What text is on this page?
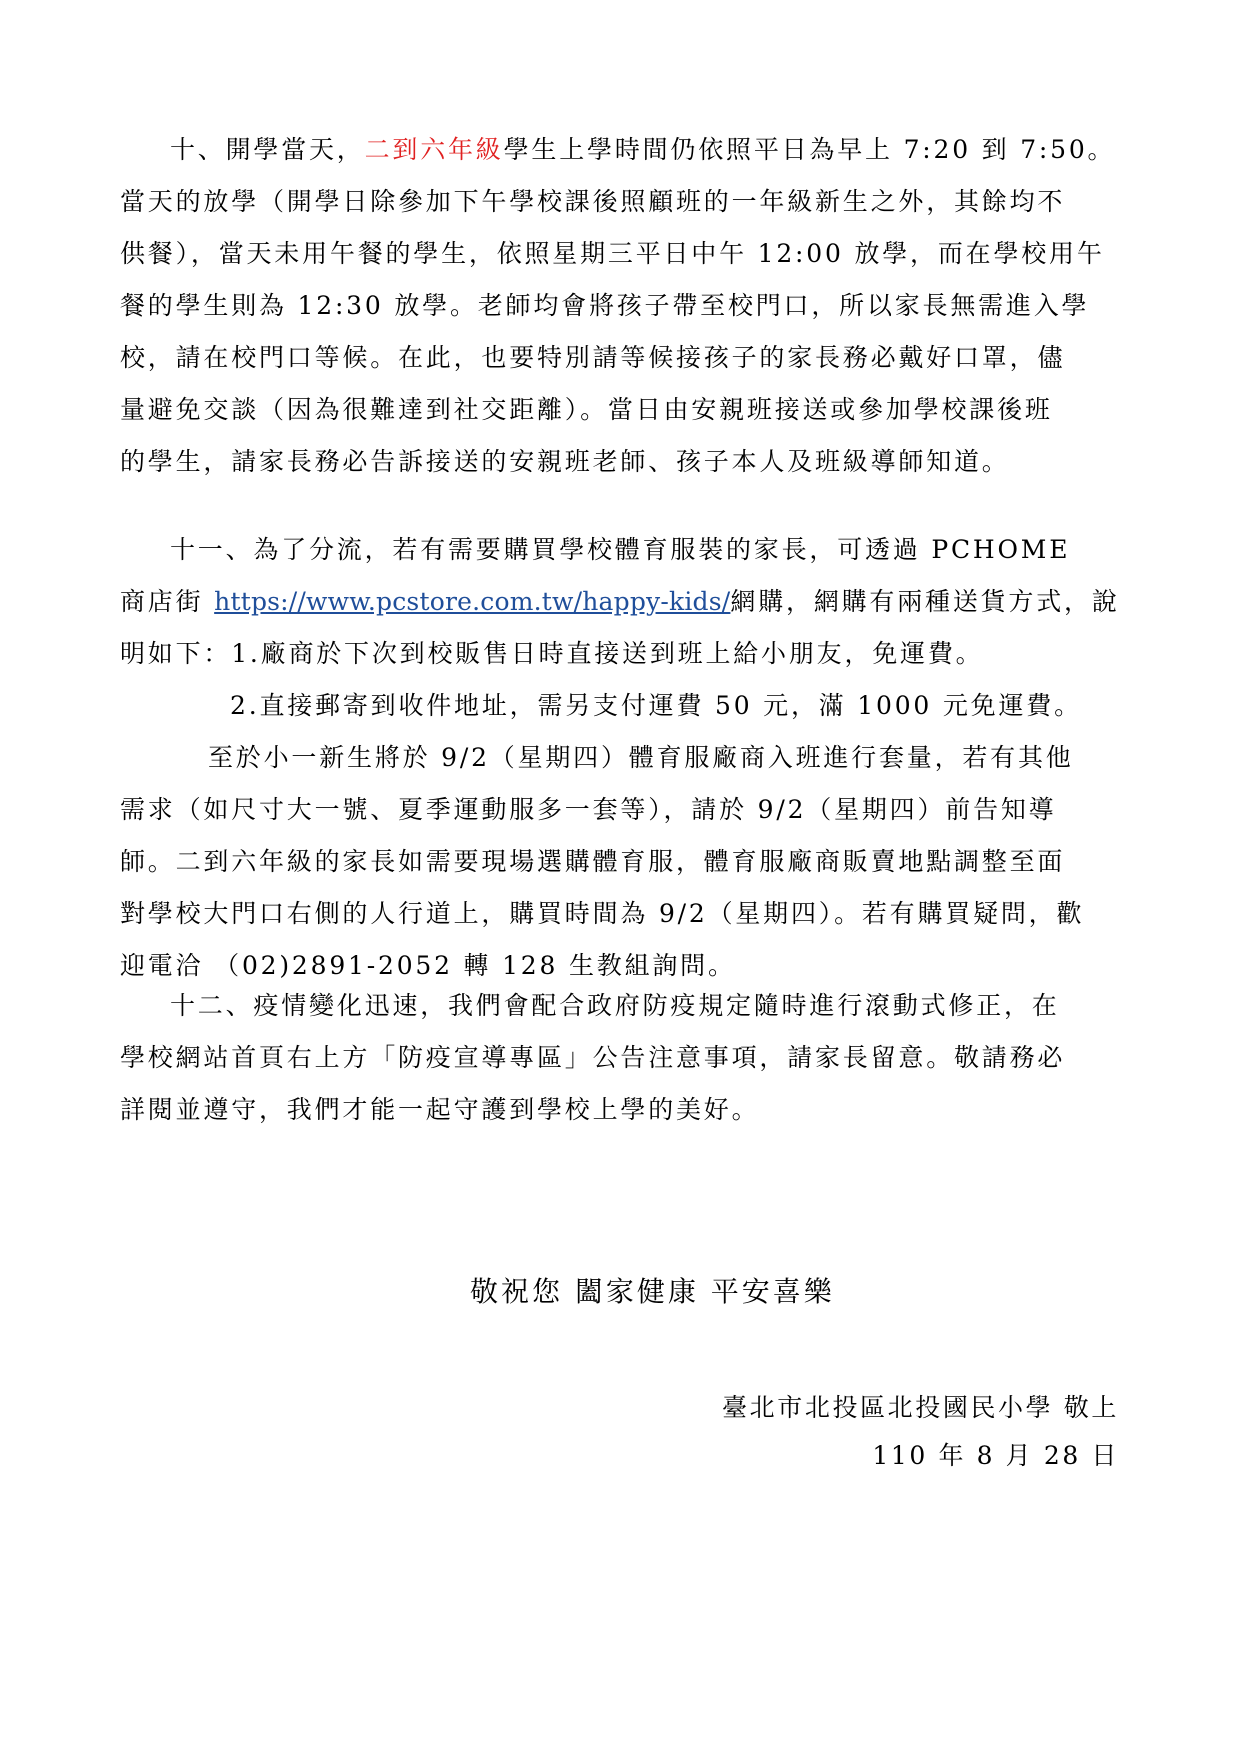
十、開學當天，二到六年級學生上學時間仍依照平日為早上 7:20 到 7:50。
當天的放學（開學日除參加下午學校課後照顧班的一年級新生之外，其餘均不
供餐），當天未用午餐的學生，依照星期三平日中午 12:00 放學，而在學校用午
餐的學生則為 12:30 放學。老師均會將孩子帶至校門口，所以家長無需進入學
校，請在校門口等候。在此，也要特別請等候接孩子的家長務必戴好口罩，儘
量避免交談（因為很難達到社交距離）。當日由安親班接送或參加學校課後班
的學生，請家長務必告訴接送的安親班老師、孩子本人及班級導師知道。
十一、為了分流，若有需要購買學校體育服裝的家長，可透過 PCHOME
商店街 https://www.pcstore.com.tw/happy-kids/網購，網購有兩種送貨方式，說
明如下：1.廠商於下次到校販售日時直接送到班上給小朋友，免運費。
2.直接郵寄到收件地址，需另支付運費 50 元，滿 1000 元免運費。
至於小一新生將於 9/2（星期四）體育服廠商入班進行套量，若有其他
需求（如尺寸大一號、夏季運動服多一套等），請於 9/2（星期四）前告知導
師。二到六年級的家長如需要現場選購體育服，體育服廠商販賣地點調整至面
對學校大門口右側的人行道上，購買時間為 9/2（星期四）。若有購買疑問，歡
迎電洽 （02)2891-2052 轉 128 生教組詢問。
十二、疫情變化迅速，我們會配合政府防疫規定隨時進行滾動式修正，在
學校網站首頁右上方「防疫宣導專區」公告注意事項，請家長留意。敬請務必
詳閱並遵守，我們才能一起守護到學校上學的美好。
敬祝您 闔家健康 平安喜樂
臺北市北投區北投國民小學 敬上
110 年 8 月 28 日
